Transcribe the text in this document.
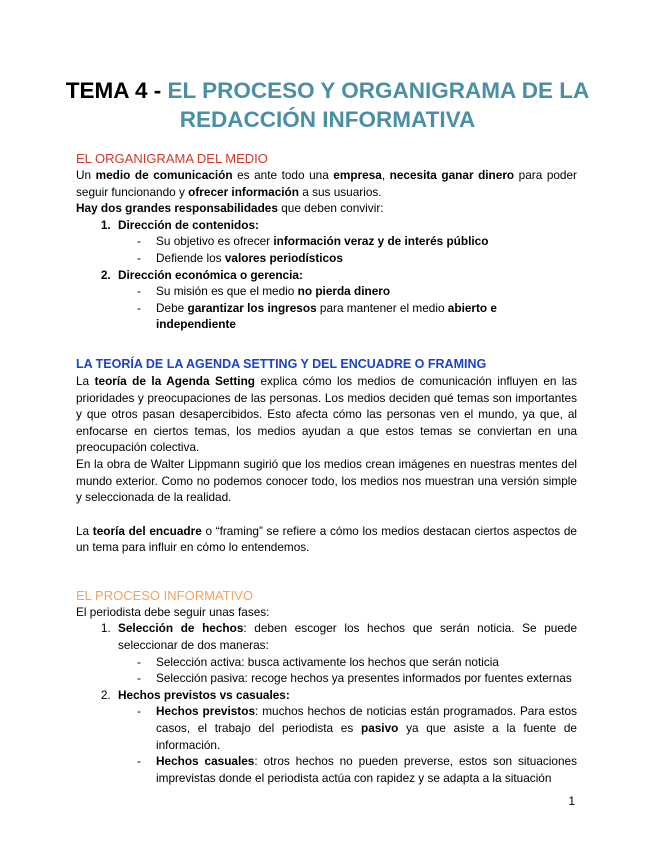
TEMA 4 - EL PROCESO Y ORGANIGRAMA DE LA REDACCIÓN INFORMATIVA

EL ORGANIGRAMA DEL MEDIO

Un medio de comunicación es ante todo una empresa, necesita ganar dinero para poder seguir funcionando y ofrecer información a sus usuarios.

Hay dos grandes responsabilidades que deben convivir:

1. Dirección de contenidos:
- Su objetivo es ofrecer información veraz y de interés público
- Defiende los valores periodísticos
2. Dirección económica o gerencia:
- Su misión es que el medio no pierda dinero
- Debe garantizar los ingresos para mantener el medio abierto e independiente

LA TEORÍA DE LA AGENDA SETTING Y DEL ENCUADRE O FRAMING

La teoría de la Agenda Setting explica cómo los medios de comunicación influyen en las prioridades y preocupaciones de las personas. Los medios deciden qué temas son importantes y que otros pasan desapercibidos. Esto afecta cómo las personas ven el mundo, ya que, al enfocarse en ciertos temas, los medios ayudan a que estos temas se conviertan en una preocupación colectiva.

En la obra de Walter Lippmann sugirió que los medios crean imágenes en nuestras mentes del mundo exterior. Como no podemos conocer todo, los medios nos muestran una versión simple y seleccionada de la realidad.

La teoría del encuadre o “framing” se refiere a cómo los medios destacan ciertos aspectos de un tema para influir en cómo lo entendemos.

EL PROCESO INFORMATIVO

El periodista debe seguir unas fases:

1. Selección de hechos: deben escoger los hechos que serán noticia. Se puede seleccionar de dos maneras:
- Selección activa: busca activamente los hechos que serán noticia
- Selección pasiva: recoge hechos ya presentes informados por fuentes externas
2. Hechos previstos vs casuales:
- Hechos previstos: muchos hechos de noticias están programados. Para estos casos, el trabajo del periodista es pasivo ya que asiste a la fuente de información.
- Hechos casuales: otros hechos no pueden preverse, estos son situaciones imprevistas donde el periodista actúa con rapidez y se adapta a la situación
1
